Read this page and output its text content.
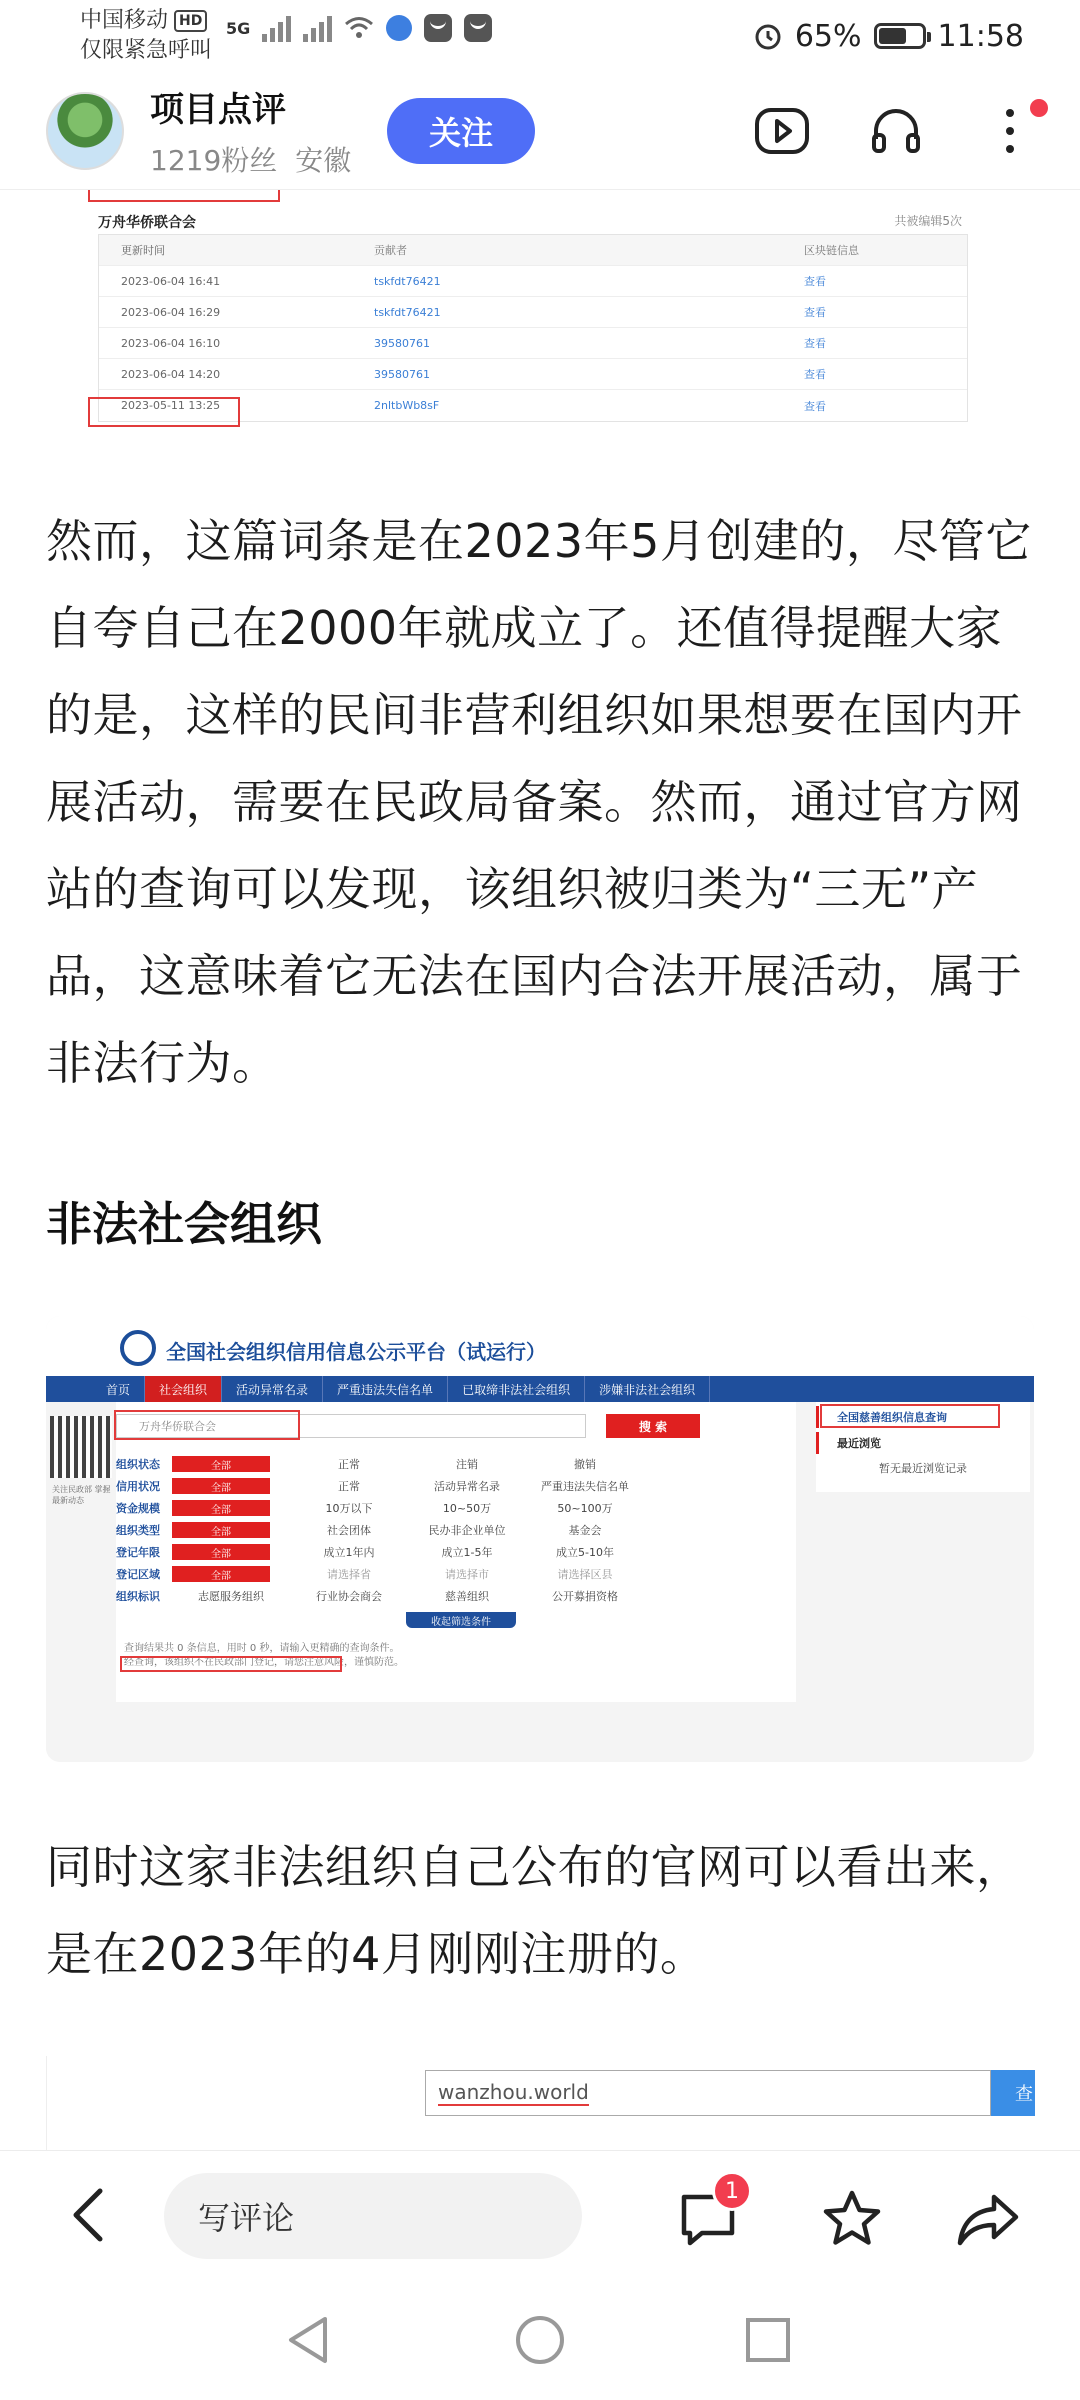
中国移动 HD
仅限紧急呼叫
5G	65%	11:58
项目点评
1219粉丝 安徽
关注
万舟华侨联合会	共被编辑5次
更新时间	贡献者	区块链信息
2023-06-04 16:41	tskfdt76421	查看
2023-06-04 16:29	tskfdt76421	查看
2023-06-04 16:10	39580761	查看
2023-06-04 14:20	39580761	查看
2023-05-11 13:25	2nltbWb8sF	查看

然而，这篇词条是在2023年5月创建的，尽管它自夸自己在2000年就成立了。还值得提醒大家的是，这样的民间非营利组织如果想要在国内开展活动，需要在民政局备案。然而，通过官方网站的查询可以发现，该组织被归类为“三无”产品，这意味着它无法在国内合法开展活动，属于非法行为。

非法社会组织
全国社会组织信用信息公示平台（试运行）
首页	社会组织	活动异常名录	严重违法失信名单	已取缔非法社会组织	涉嫌非法社会组织
关注民政部 掌握最新动态
万舟华侨联合会	搜 索
组织状态	全部	正常	注销	撤销
信用状况	全部	正常	活动异常名录	严重违法失信名单
资金规模	全部	10万以下	10~50万	50~100万
组织类型	全部	社会团体	民办非企业单位	基金会
登记年限	全部	成立1年内	成立1-5年	成立5-10年
登记区域	全部	请选择省	请选择市	请选择区县
组织标识	志愿服务组织	行业协会商会	慈善组织	公开募捐资格
收起筛选条件
查询结果共 0 条信息，用时 0 秒，请输入更精确的查询条件。
经查询，该组织不在民政部门登记，请您注意风险，谨慎防范。
全国慈善组织信息查询
最近浏览
暂无最近浏览记录

同时这家非法组织自己公布的官网可以看出来，是在2023年的4月刚刚注册的。

wanzhou.world	查
写评论
1
